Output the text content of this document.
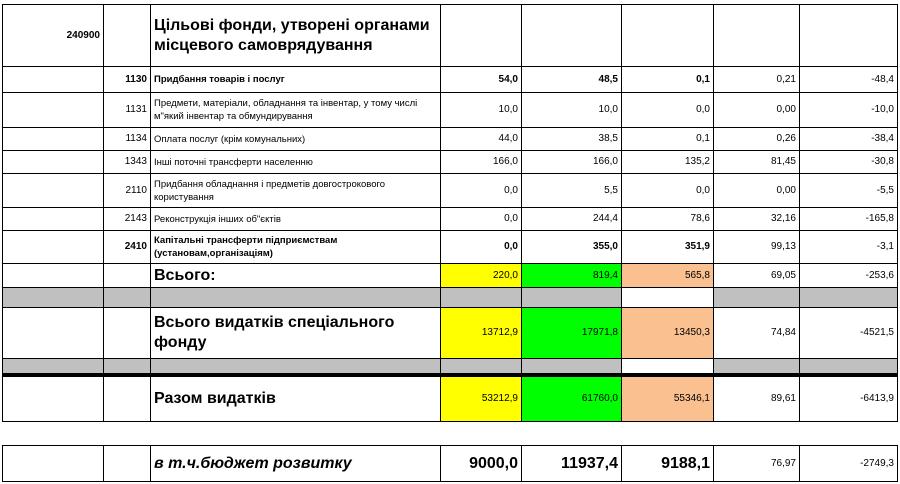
240900		Цільові фонди, утворені органами місцевого самоврядування					
	1130	Придбання товарів і послуг	54,0	48,5	0,1	0,21	-48,4
	1131	Предмети, матеріали, обладнання та інвентар, у тому числі м"який інвентар та обмундирування	10,0	10,0	0,0	0,00	-10,0
	1134	Оплата послуг (крім комунальних)	44,0	38,5	0,1	0,26	-38,4
	1343	Інші поточні трансферти населенню	166,0	166,0	135,2	81,45	-30,8
	2110	Придбання обладнання і предметів довгострокового користування	0,0	5,5	0,0	0,00	-5,5
	2143	Реконструкція інших об"єктів	0,0	244,4	78,6	32,16	-165,8
	2410	Капітальні трансферти підприємствам (установам,організаціям)	0,0	355,0	351,9	99,13	-3,1
		Всього:	220,0	819,4	565,8	69,05	-253,6

		Всього видатків спеціального фонду	13712,9	17971,8	13450,3	74,84	-4521,5

		Разом видатків	53212,9	61760,0	55346,1	89,61	-6413,9
		в т.ч.бюджет розвитку	9000,0	11937,4	9188,1	76,97	-2749,3
